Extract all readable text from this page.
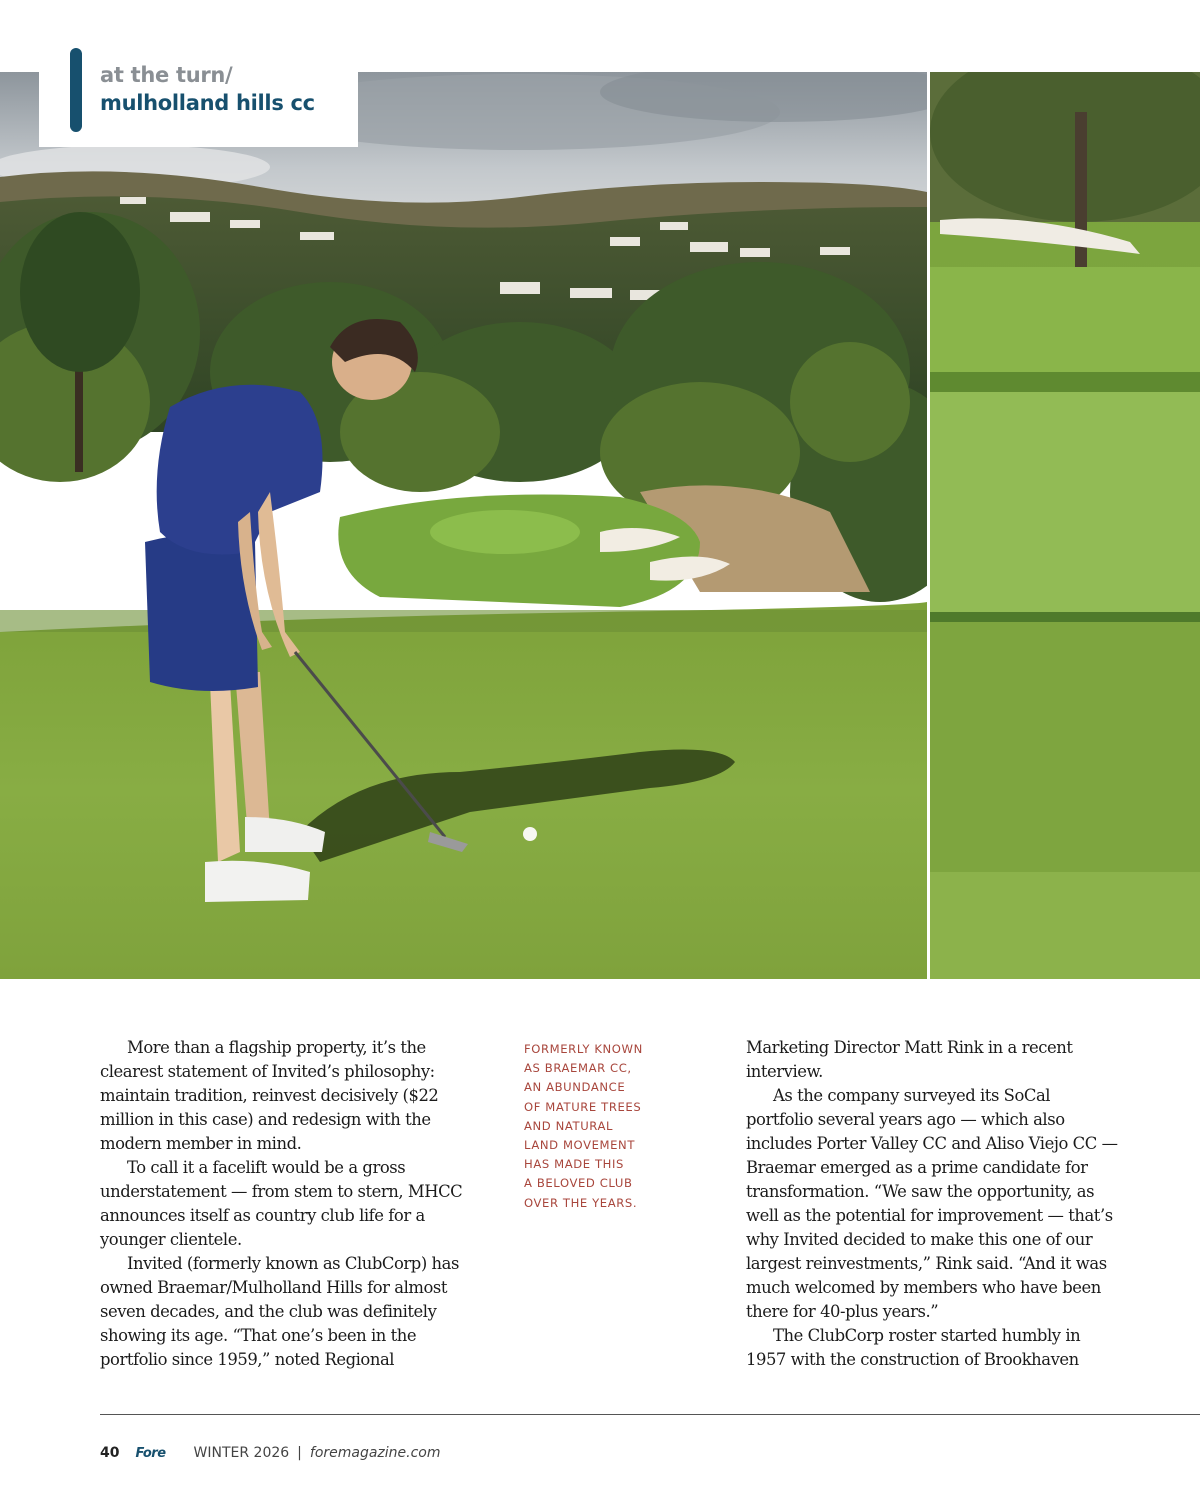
at the turn/
mulholland hills cc

More than a flagship property, it’s the clearest statement of Invited’s philosophy: maintain tradition, reinvest decisively ($22 million in this case) and redesign with the modern member in mind.

To call it a facelift would be a gross understatement — from stem to stern, MHCC announces itself as country club life for a younger clientele.

Invited (formerly known as ClubCorp) has owned Braemar/Mulholland Hills for almost seven decades, and the club was definitely showing its age. “That one’s been in the portfolio since 1959,” noted Regional

FORMERLY KNOWN
AS BRAEMAR CC,
AN ABUNDANCE
OF MATURE TREES
AND NATURAL
LAND MOVEMENT
HAS MADE THIS
A BELOVED CLUB
OVER THE YEARS.

Marketing Director Matt Rink in a recent interview.

As the company surveyed its SoCal portfolio several years ago — which also includes Porter Valley CC and Aliso Viejo CC — Braemar emerged as a prime candidate for transformation. “We saw the opportunity, as well as the potential for improvement — that’s why Invited decided to make this one of our largest reinvestments,” Rink said. “And it was much welcomed by members who have been there for 40-plus years.”

The ClubCorp roster started humbly in 1957 with the construction of Brookhaven

40 Fore WINTER 2026 | foremagazine.com
